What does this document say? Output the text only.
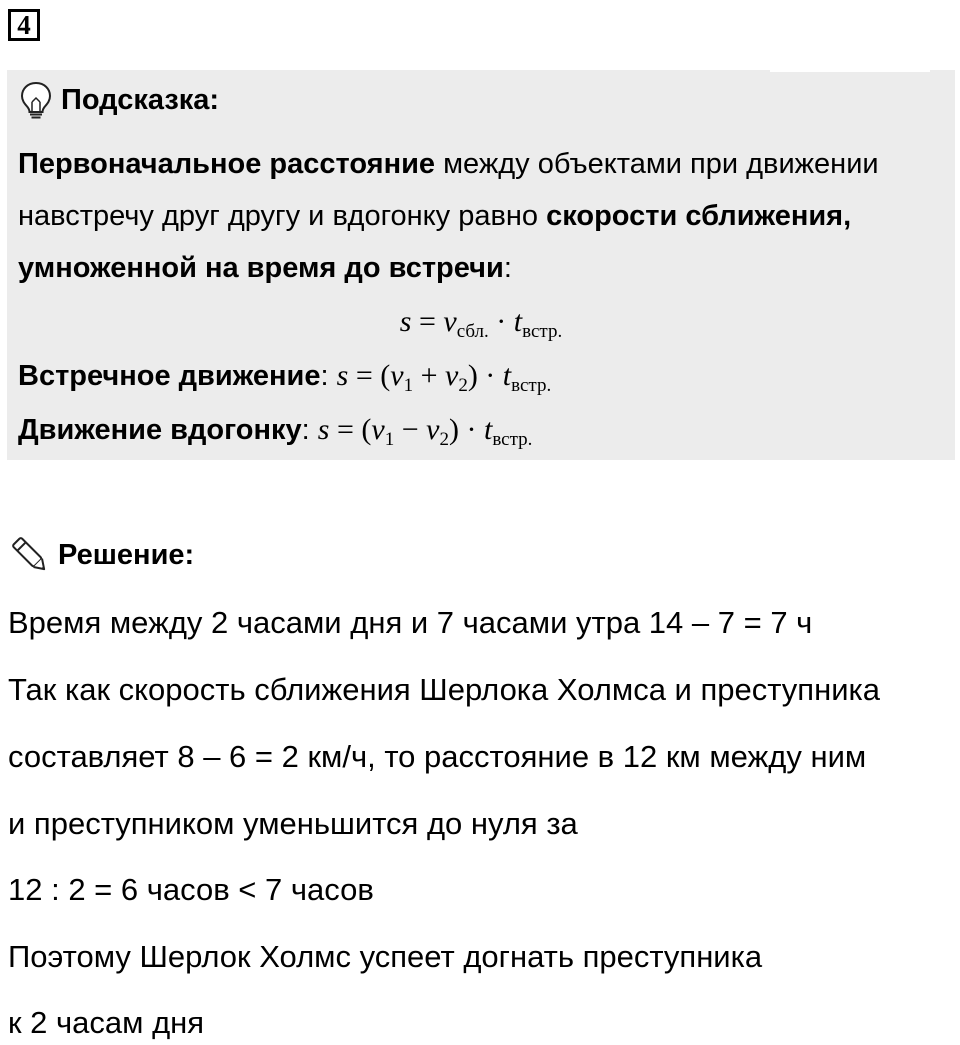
4
Подсказка:
Первоначальное расстояние между объектами при движении навстречу друг другу и вдогонку равно скорости сближения, умноженной на время до встречи:
$s = v_{сбл.} \cdot t_{встр.}$
Встречное движение: $s = (v_1 + v_2) \cdot t_{встр.}$
Движение вдогонку: $s = (v_1 - v_2) \cdot t_{встр.}$
Решение:
Время между 2 часами дня и 7 часами утра 14 – 7 = 7 ч
Так как скорость сближения Шерлока Холмса и преступника
составляет 8 – 6 = 2 км/ч, то расстояние в 12 км между ним
и преступником уменьшится до нуля за
12 : 2 = 6 часов < 7 часов
Поэтому Шерлок Холмс успеет догнать преступника
к 2 часам дня
